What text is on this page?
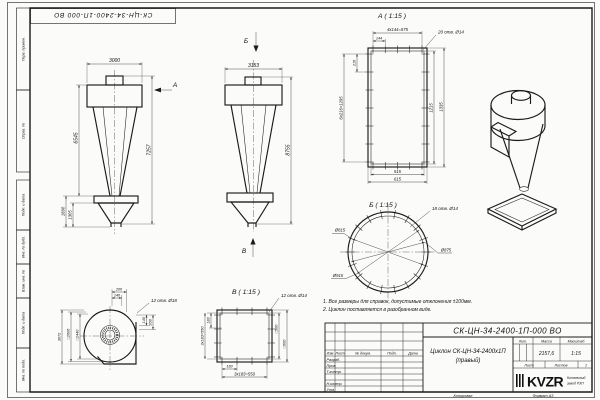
Перв. примен.
Справ. №
Подп. и дата
Инв. № дубл.
Взам. инв. №
Подп. и дата
Инв. № подл.
СК-ЦН-34-2400-1П-000 ВО
3000
6545
7257
1890 1305
А
Б
3153
8755
В
А ( 1:15 )
4x144=575
144
216
6x216=1295	1215 1335
515
615
20 отв. Ø14
Б ( 1:15 )
Ø815
Ø875
Ø915
18 отв. Ø14
В ( 1:15 )
183
3x183=550
183
3x183=550
□500
□600
12 отв. Ø14
200
140
12 отв. Ø18
140 200
3072 □2606 □2440
1. Все размеры для справок, допустимые отклонения ±100мм.
2. Циклон поставляется в разобранном виде.
Изм Лист	№ докум.	Подп.	Дата
Разраб.
Пров.
Т.контр.
Н.контр.
Утв.
СК-ЦН-34-2400-1П-000 ВО
Циклон СК-ЦН-34-2400х1П
(правый)
Лит.	Масса	Масштаб
2157,6	1:15
Лист	Листов	1
KVZR Котельный
завод РЗП
Копировал	Формат А3
